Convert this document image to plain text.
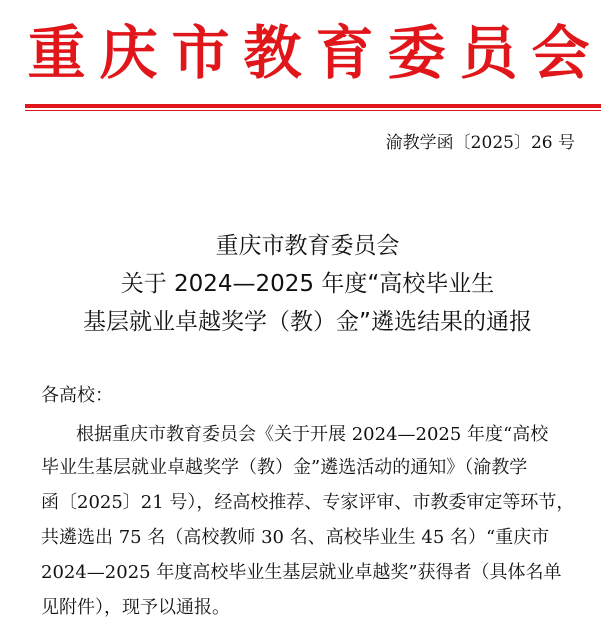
重庆市教育委员会
渝教学函〔2025〕26 号
重庆市教育委员会
关于 2024—2025 年度“高校毕业生
基层就业卓越奖学（教）金”遴选结果的通报
各高校：
根据重庆市教育委员会《关于开展 2024—2025 年度“高校
毕业生基层就业卓越奖学（教）金”遴选活动的通知》（渝教学
函〔2025〕21 号），经高校推荐、专家评审、市教委审定等环节，
共遴选出 75 名（高校教师 30 名、高校毕业生 45 名）“重庆市
2024—2025 年度高校毕业生基层就业卓越奖”获得者（具体名单
见附件），现予以通报。
